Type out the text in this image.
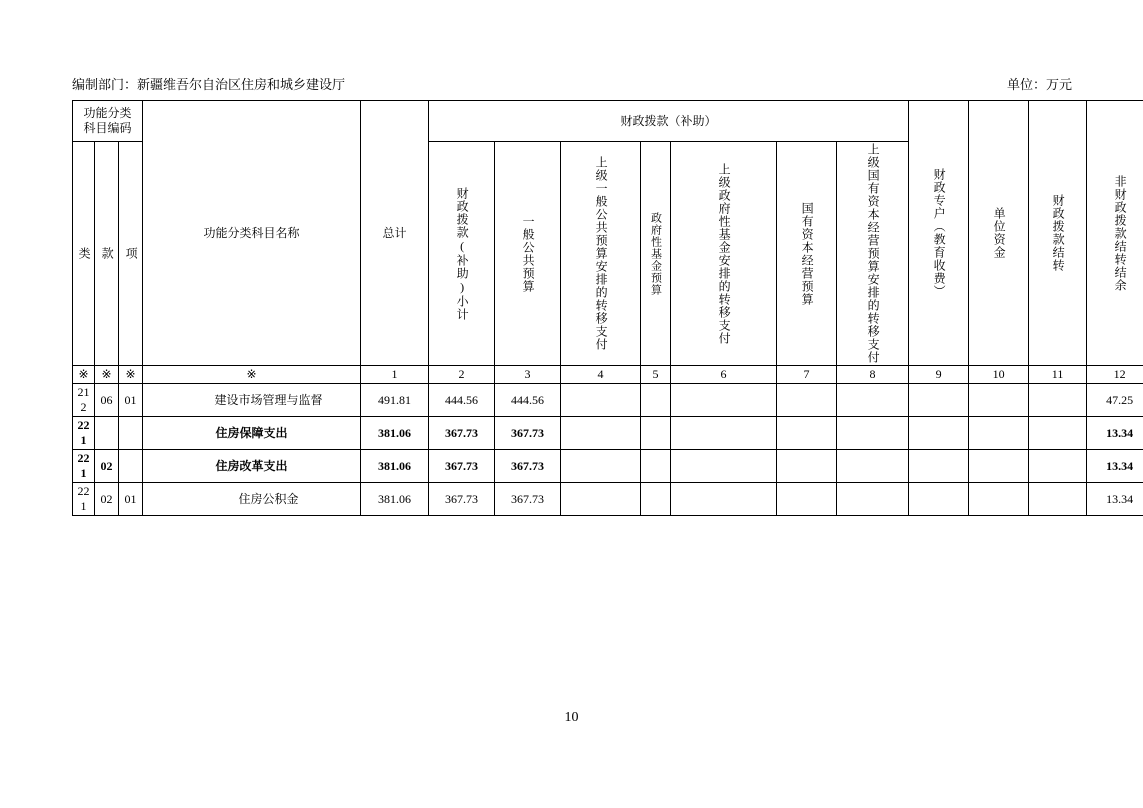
编制部门：新疆维吾尔自治区住房和城乡建设厅	单位：万元
功能分类
科目编码			功能分类科目名称	总计	财政拨款（补助）							财政专户（教育收费）	单位资金	财政拨款结转	非财政拨款结转结余

类	款	项			财政拨款(补助)小计	一般公共预算	上级一般公共预算安排的转移支付	政府性基金预算	上级政府性基金安排的转移支付	国有资本经营预算	上级国有资本经营预算安排的转移支付				

※	※	※	※	1	2	3	4	5	6	7	8	9	10	11	12
212	06	01	建设市场管理与监督	491.81	444.56	444.56									47.25
221			住房保障支出	381.06	367.73	367.73									13.34
221	02		住房改革支出	381.06	367.73	367.73									13.34
221	02	01	住房公积金	381.06	367.73	367.73									13.34
10
